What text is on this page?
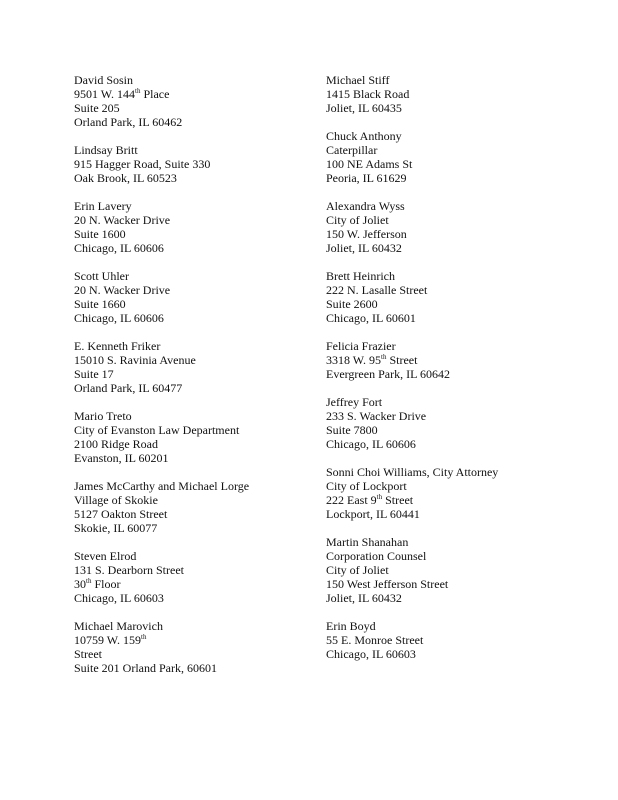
David Sosin
9501 W. 144th Place
Suite 205
Orland Park, IL 60462
Lindsay Britt
915 Hagger Road, Suite 330
Oak Brook, IL 60523
Erin Lavery
20 N. Wacker Drive
Suite 1600
Chicago, IL 60606
Scott Uhler
20 N. Wacker Drive
Suite 1660
Chicago, IL 60606
E. Kenneth Friker
15010 S. Ravinia Avenue
Suite 17
Orland Park, IL 60477
Mario Treto
City of Evanston Law Department
2100 Ridge Road
Evanston, IL 60201
James McCarthy and Michael Lorge
Village of Skokie
5127 Oakton Street
Skokie, IL 60077
Steven Elrod
131 S. Dearborn Street
30th Floor
Chicago, IL 60603
Michael Marovich
10759 W. 159th
Street
Suite 201 Orland Park, 60601
Michael Stiff
1415 Black Road
Joliet, IL 60435
Chuck Anthony
Caterpillar
100 NE Adams St
Peoria, IL 61629
Alexandra Wyss
City of Joliet
150 W. Jefferson
Joliet, IL 60432
Brett Heinrich
222 N. Lasalle Street
Suite 2600
Chicago, IL 60601
Felicia Frazier
3318 W. 95th Street
Evergreen Park, IL 60642
Jeffrey Fort
233 S. Wacker Drive
Suite 7800
Chicago, IL 60606
Sonni Choi Williams, City Attorney
City of Lockport
222 East 9th Street
Lockport, IL 60441
Martin Shanahan
Corporation Counsel
City of Joliet
150 West Jefferson Street
Joliet, IL 60432
Erin Boyd
55 E. Monroe Street
Chicago, IL 60603
